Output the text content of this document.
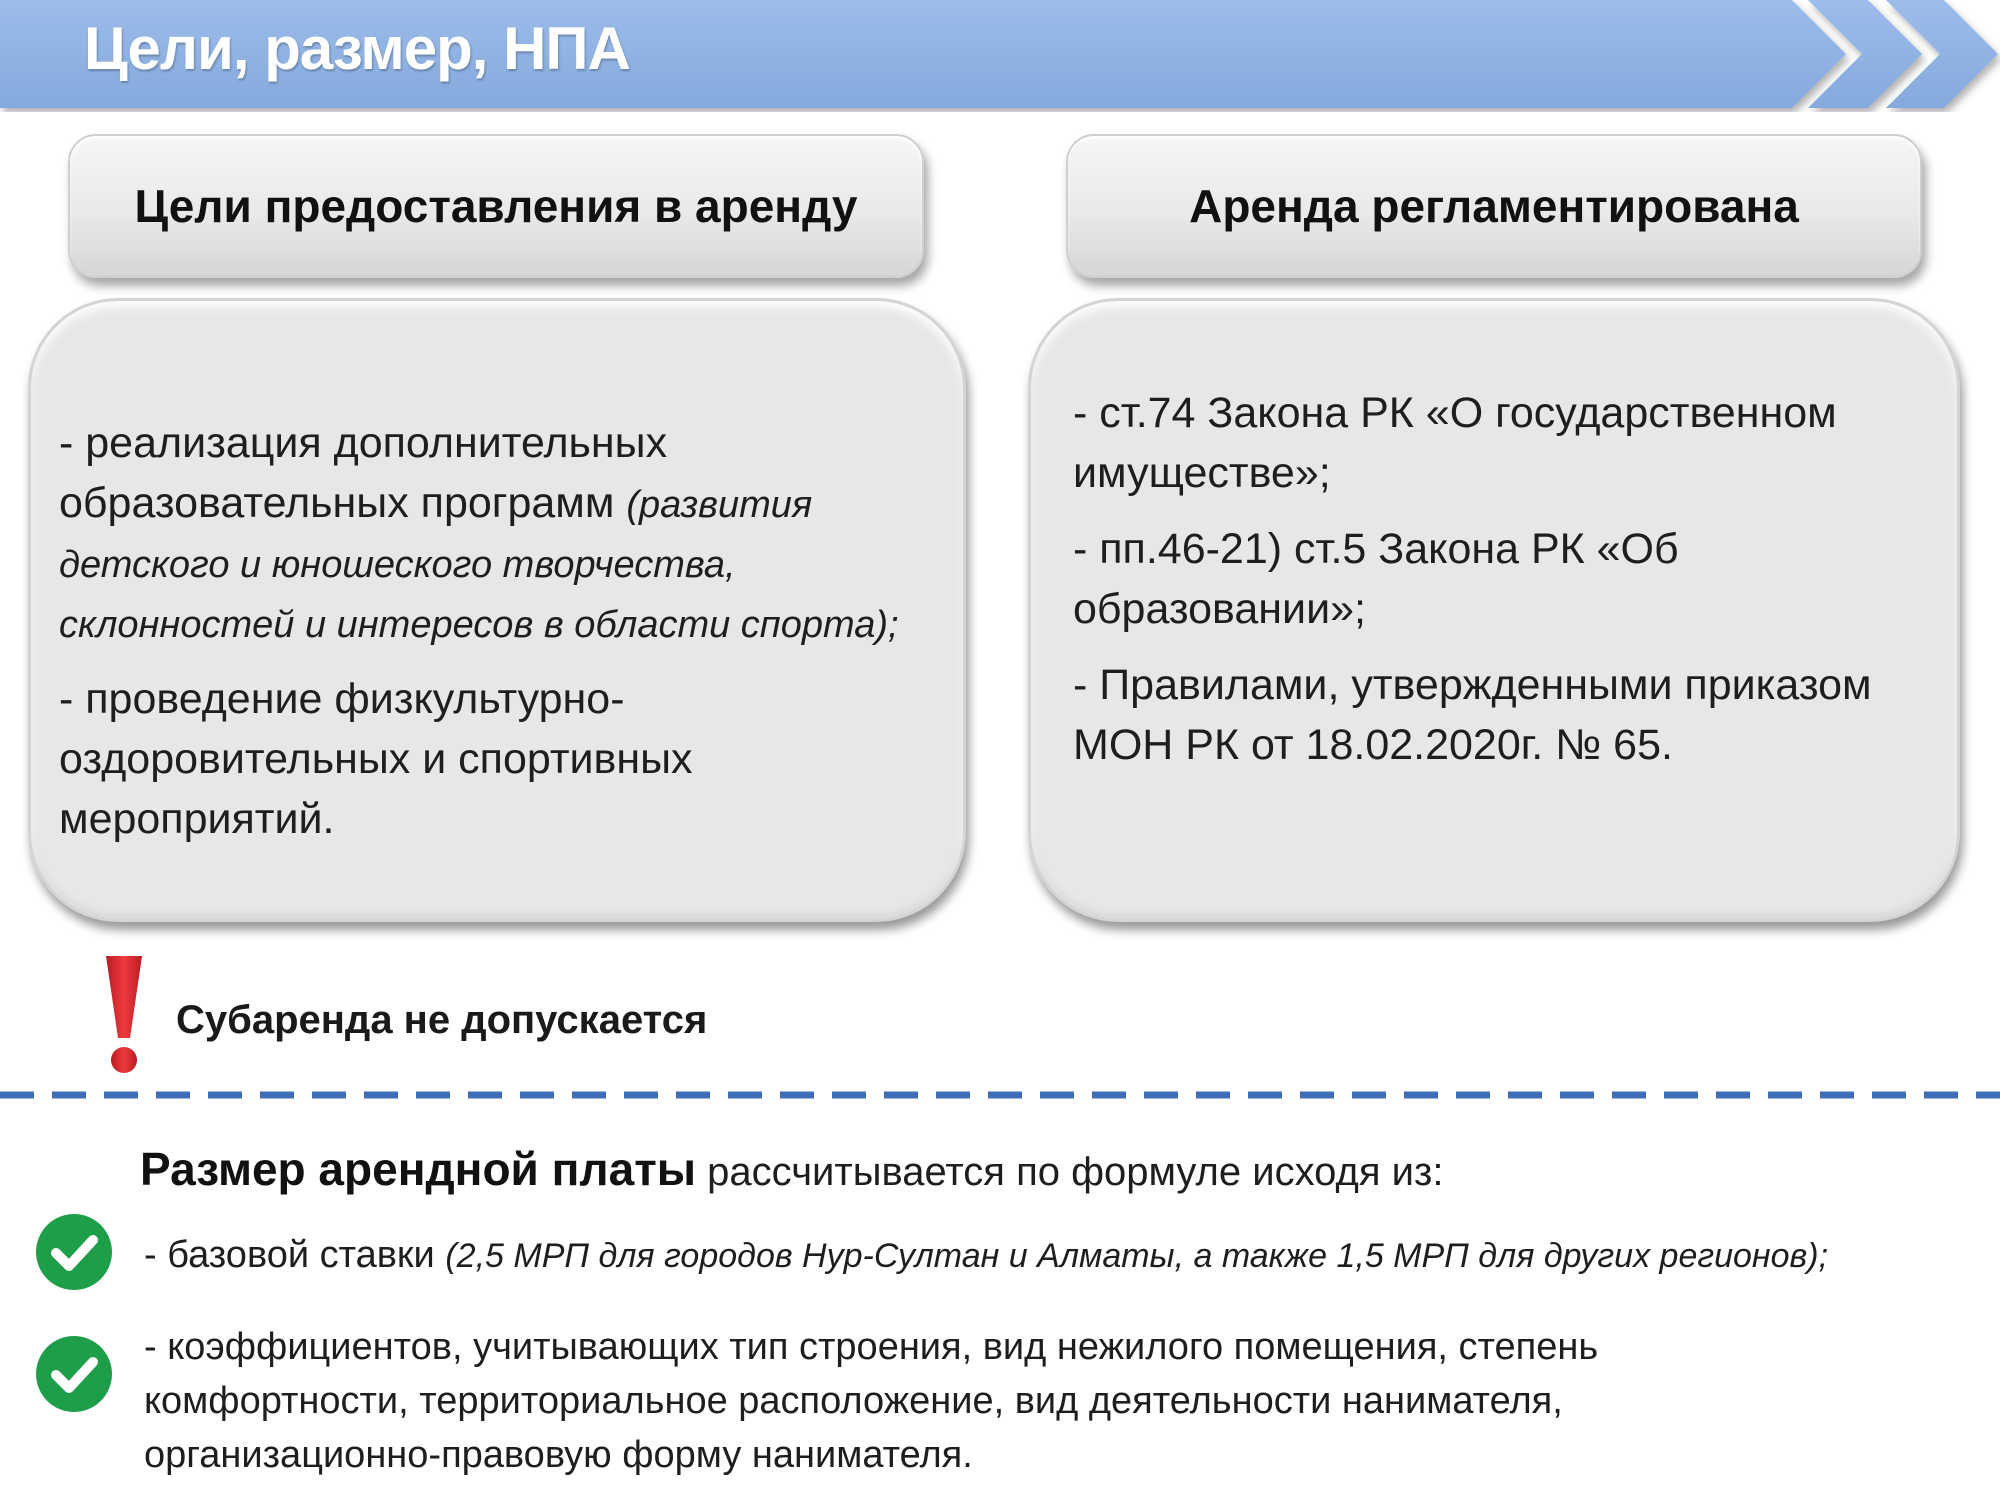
Цели, размер, НПА
Цели предоставления в аренду	Аренда регламентирована

- реализация дополнительных образовательных программ (развития детского и юношеского творчества, склонностей и интересов в области спорта);

- проведение физкультурно-оздоровительных и спортивных мероприятий.

- ст.74 Закона РК «О государственном имуществе»;

- пп.46-21) ст.5 Закона РК «Об образовании»;

- Правилами, утвержденными приказом МОН РК от 18.02.2020г. № 65.

Субаренда не допускается
Размер арендной платы рассчитывается по формуле исходя из:
- базовой ставки (2,5 МРП для городов Нур-Султан и Алматы, а также 1,5 МРП для других регионов);
- коэффициентов, учитывающих тип строения, вид нежилого помещения, степень комфортности, территориальное расположение, вид деятельности нанимателя, организационно-правовую форму нанимателя.
